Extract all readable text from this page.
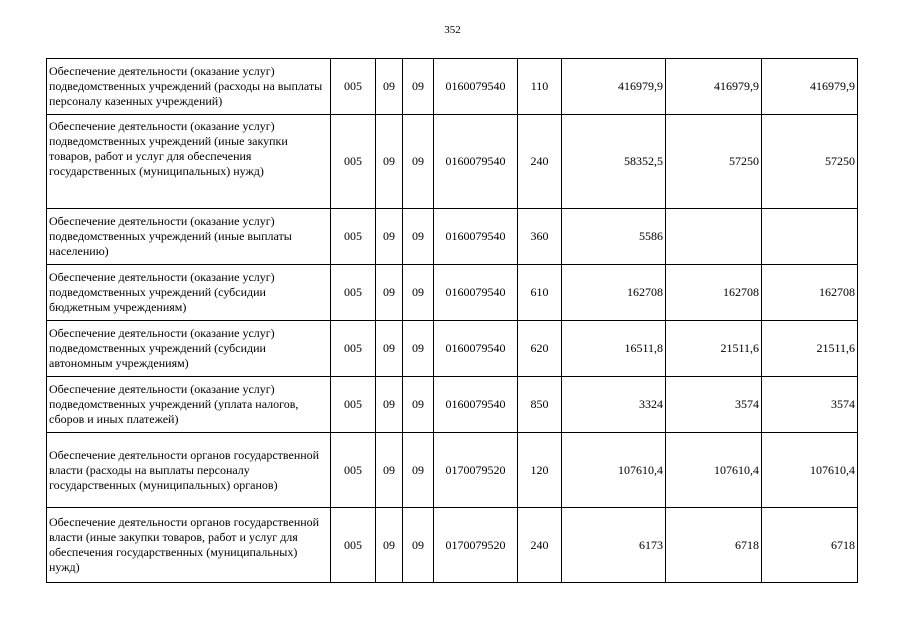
352
Обеспечение деятельности (оказание услуг) подведомственных учреждений (расходы на выплаты персоналу казенных учреждений)	005	09	09	0160079540	110	416979,9	416979,9	416979,9
Обеспечение деятельности (оказание услуг) подведомственных учреждений (иные закупки товаров, работ и услуг для обеспечения государственных (муниципальных) нужд)	005	09	09	0160079540	240	58352,5	57250	57250
Обеспечение деятельности (оказание услуг) подведомственных учреждений (иные выплаты населению)	005	09	09	0160079540	360	5586		
Обеспечение деятельности (оказание услуг) подведомственных учреждений (субсидии бюджетным учреждениям)	005	09	09	0160079540	610	162708	162708	162708
Обеспечение деятельности (оказание услуг) подведомственных учреждений (субсидии автономным учреждениям)	005	09	09	0160079540	620	16511,8	21511,6	21511,6
Обеспечение деятельности (оказание услуг) подведомственных учреждений (уплата налогов, сборов и иных платежей)	005	09	09	0160079540	850	3324	3574	3574
Обеспечение деятельности органов государственной власти (расходы на выплаты персоналу государственных (муниципальных) органов)	005	09	09	0170079520	120	107610,4	107610,4	107610,4
Обеспечение деятельности органов государственной власти (иные закупки товаров, работ и услуг для обеспечения государственных (муниципальных) нужд)	005	09	09	0170079520	240	6173	6718	6718
